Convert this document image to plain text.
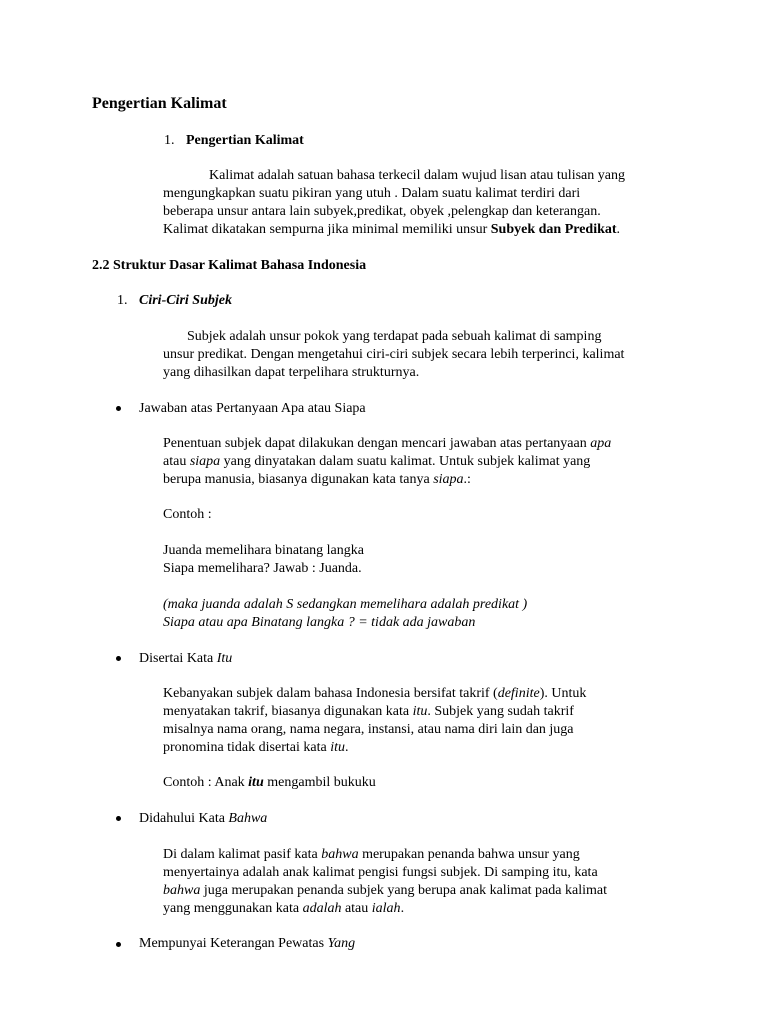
Pengertian Kalimat
1. Pengertian Kalimat
Kalimat adalah satuan bahasa terkecil dalam wujud lisan atau tulisan yang
mengungkapkan suatu pikiran yang utuh . Dalam suatu kalimat terdiri dari
beberapa unsur antara lain subyek,predikat, obyek ,pelengkap dan keterangan.
Kalimat dikatakan sempurna jika minimal memiliki unsur Subyek dan Predikat.
2.2 Struktur Dasar Kalimat Bahasa Indonesia
1. Ciri-Ciri Subjek
Subjek adalah unsur pokok yang terdapat pada sebuah kalimat di samping
unsur predikat. Dengan mengetahui ciri-ciri subjek secara lebih terperinci, kalimat
yang dihasilkan dapat terpelihara strukturnya.
Jawaban atas Pertanyaan Apa atau Siapa
Penentuan subjek dapat dilakukan dengan mencari jawaban atas pertanyaan apa
atau siapa yang dinyatakan dalam suatu kalimat. Untuk subjek kalimat yang
berupa manusia, biasanya digunakan kata tanya siapa.:
Contoh :
Juanda memelihara binatang langka
Siapa memelihara? Jawab : Juanda.
(maka juanda adalah S sedangkan memelihara adalah predikat )
Siapa atau apa Binatang langka ? = tidak ada jawaban
Disertai Kata Itu
Kebanyakan subjek dalam bahasa Indonesia bersifat takrif (definite). Untuk
menyatakan takrif, biasanya digunakan kata itu. Subjek yang sudah takrif
misalnya nama orang, nama negara, instansi, atau nama diri lain dan juga
pronomina tidak disertai kata itu.
Contoh : Anak itu mengambil bukuku
Didahului Kata Bahwa
Di dalam kalimat pasif kata bahwa merupakan penanda bahwa unsur yang
menyertainya adalah anak kalimat pengisi fungsi subjek. Di samping itu, kata
bahwa juga merupakan penanda subjek yang berupa anak kalimat pada kalimat
yang menggunakan kata adalah atau ialah.
Mempunyai Keterangan Pewatas Yang
